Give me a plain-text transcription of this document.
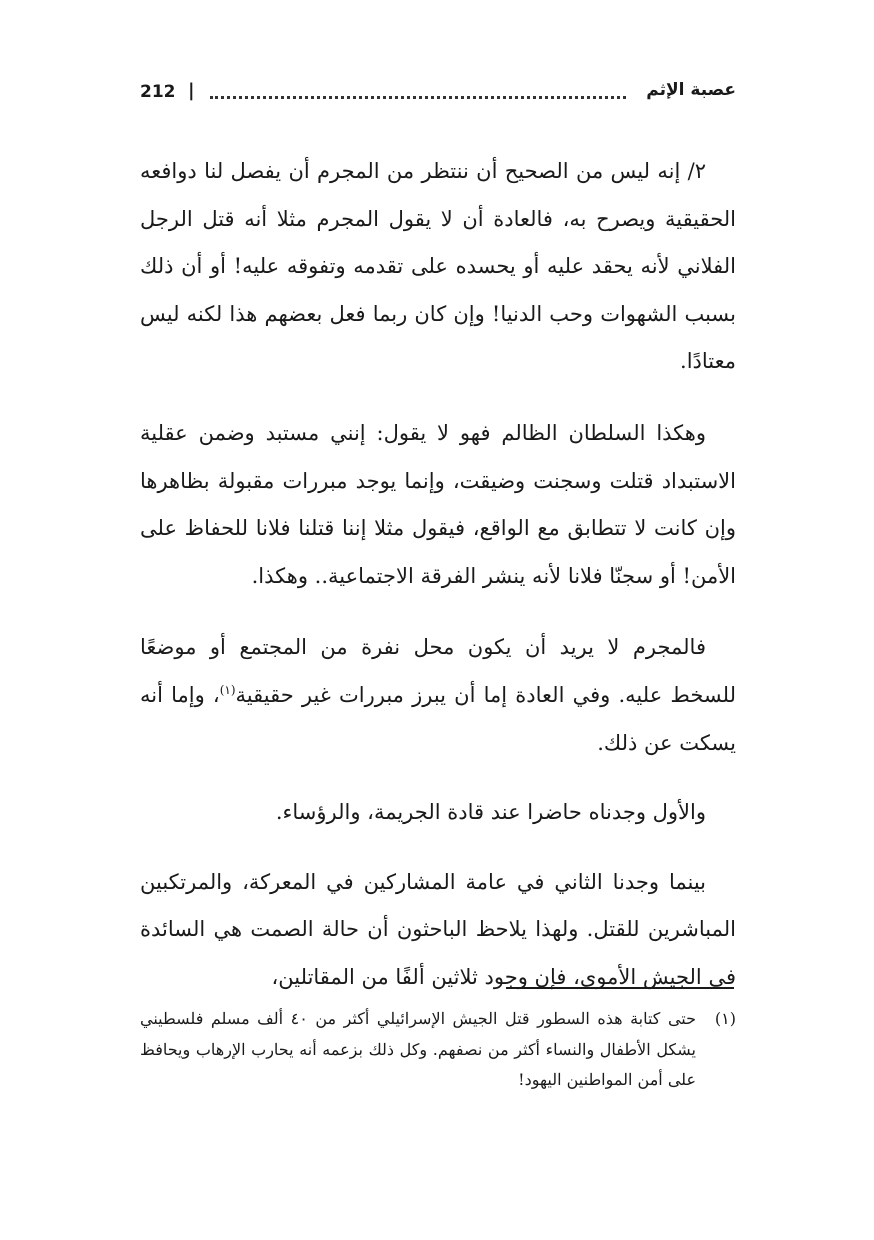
212 |	عصبة الإثم

٢/ إنه ليس من الصحيح أن ننتظر من المجرم أن يفصل لنا دوافعه الحقيقية ويصرح به، فالعادة أن لا يقول المجرم مثلا أنه قتل الرجل الفلاني لأنه يحقد عليه أو يحسده على تقدمه وتفوقه عليه! أو أن ذلك بسبب الشهوات وحب الدنيا! وإن كان ربما فعل بعضهم هذا لكنه ليس معتادًا.

وهكذا السلطان الظالم فهو لا يقول: إنني مستبد وضمن عقلية الاستبداد قتلت وسجنت وضيقت، وإنما يوجد مبررات مقبولة بظاهرها وإن كانت لا تتطابق مع الواقع، فيقول مثلا إننا قتلنا فلانا للحفاظ على الأمن! أو سجنّا فلانا لأنه ينشر الفرقة الاجتماعية.. وهكذا.

فالمجرم لا يريد أن يكون محل نفرة من المجتمع أو موضعًا للسخط عليه. وفي العادة إما أن يبرز مبررات غير حقيقية$^{(١)}$، وإما أنه يسكت عن ذلك.

والأول وجدناه حاضرا عند قادة الجريمة، والرؤساء.

بينما وجدنا الثاني في عامة المشاركين في المعركة، والمرتكبين المباشرين للقتل. ولهذا يلاحظ الباحثون أن حالة الصمت هي السائدة في الجيش الأموي، فإن وجود ثلاثين ألفًا من المقاتلين،

(١)
حتى كتابة هذه السطور قتل الجيش الإسرائيلي أكثر من ٤٠ ألف مسلم فلسطيني يشكل الأطفال والنساء أكثر من نصفهم. وكل ذلك بزعمه أنه يحارب الإرهاب ويحافظ على أمن المواطنين اليهود!
